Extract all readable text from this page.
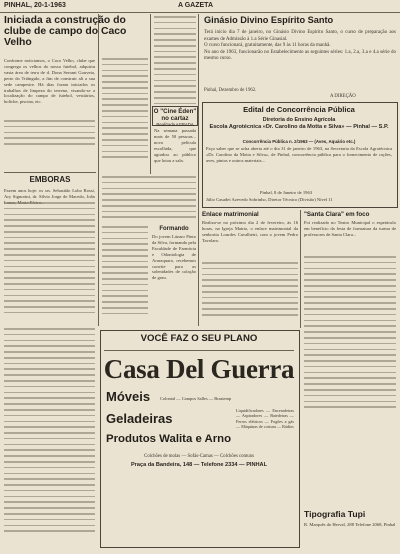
PINHAL, 20-1-1963	A GAZETA
Iniciada a construção do clube de campo do Caco Velho
Conforme noticiamos, o Caco Velho, clube que congrega os velhos do nosso futebol, adquiriu vasta área de terra de d. Dona Serrant Gouveia, perto do Triângulo, a fim de construir ali a sua sede campestre. Há dias foram iniciados os trabalhos de limpeza do terreno, visando-se a localização do campo de futebol, vestiários, boliche, piscina, etc.
O "Cine Éden" no cartaz
Realizada AGRADA
Na semana passada mais de 50 pessoas... nova película escolhida, que agradou ao público que lotou a sala.
EMBORAS
Fazem anos hoje: os srs. Sebastião Lobo Rossi, Ary Signorini, dr. Sílvio Jorge de Macedo, João
Formando
Do jovem Lázaro Pinto da Silva, formando pela Faculdade de Farmácia e Odontologia de Araraquara, recebemos convite para as solenidades de colação de grau.
Ginásio Divino Espírito Santo
Terá início dia 7 de janeiro, no Ginásio Divino Espírito Santo, o curso de preparação aos exames de Admissão à 1.a Série Ginasial.
O curso funcionará, gratuitamente, das 9 às 11 horas da manhã.
No ano de 1963, funcionarão no Estabelecimento as seguintes séries: 1.a, 2.a, 3.a e 4.a série do mesmo curso.
Pinhal, Dezembro de 1962.
A DIREÇÃO
Edital de Concorrência Pública
Diretoria do Ensino Agrícola
Escola Agrotécnica «Dr. Carolino da Motta e Silva» — Pinhal — S.P.
Concorrência Pública n. 2/1963 — (Aves, Aquário etc.)
Faço saber que se acha aberta até o dia 31 de janeiro de 1963, na Secretaria da Escola Agrotécnica «Dr. Carolino da Motta e Silva», de Pinhal, concorrência pública para o fornecimento de rações, aves, pintos e outros materiais...
Pinhal, 8 de Janeiro de 1963
Júlio Casadei Azevedo Sobrinho, Diretor Técnico (Divisão) Nível 11
Enlace matrimonial
Realiza-se no próximo dia 2 de fevereiro, às 16 horas, na Igreja Matriz, o enlace matrimonial da senhorita Lourdes Cavalheiri, com o jovem Pedro Tavolaro.
"Santa Clara" em foco
Foi realizado no Teatro Municipal o espetáculo em benefício da festa de formatura da turma de professores de Santa Clara...
VOCÊ FAZ O SEU PLANO
Casa Del Guerra
Móveis	Colonial — Campos Salles — Brastemp
Geladeiras
Produtos Walita e Arno
Liquidificadores — Enceradeiras — Aspiradores — Batedeiras — Ferros elétricos — Fogões a gás — Máquinas de costura — Rádios
Colchões de molas — Sofás-Camas — Colchões comuns
Praça da Bandeira, 148 — Telefone 2334 — PINHAL
Tipografia Tupi
R. Marquês do Herval, 288 Telefone 2068, Pinhal
